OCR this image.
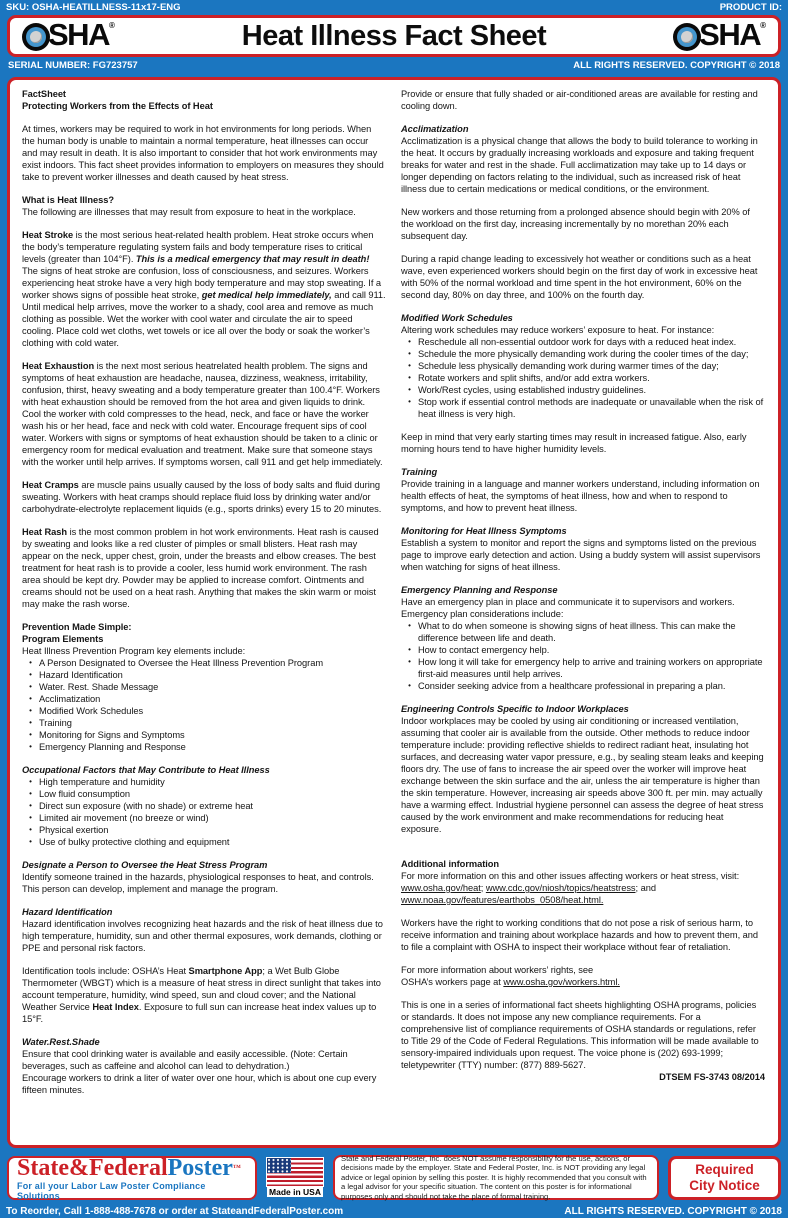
SKU: OSHA-HEATILLNESS-11x17-ENG	PRODUCT ID:
SHA ®	Heat Illness Fact Sheet	SHA ®
SERIAL NUMBER: FG723757	ALL RIGHTS RESERVED. COPYRIGHT © 2018
FactSheet
Protecting Workers from the Effects of Heat
At times, workers may be required to work in hot environments for long periods. When the human body is unable to maintain a normal temperature, heat illnesses can occur and may result in death. It is also important to consider that hot work environments may exist indoors. This fact sheet provides information to employers on measures they should take to prevent worker illnesses and death caused by heat stress.
What is Heat Illness?
The following are illnesses that may result from exposure to heat in the workplace.
Heat Stroke is the most serious heat-related health problem. Heat stroke occurs when the body’s temperature regulating system fails and body temperature rises to critical levels (greater than 104°F). This is a medical emergency that may result in death! The signs of heat stroke are confusion, loss of consciousness, and seizures. Workers experiencing heat stroke have a very high body temperature and may stop sweating. If a worker shows signs of possible heat stroke, get medical help immediately, and call 911. Until medical help arrives, move the worker to a shady, cool area and remove as much clothing as possible. Wet the worker with cool water and circulate the air to speed cooling. Place cold wet cloths, wet towels or ice all over the body or soak the worker’s clothing with cold water.
Heat Exhaustion is the next most serious heatrelated health problem. The signs and symptoms of heat exhaustion are headache, nausea, dizziness, weakness, irritability, confusion, thirst, heavy sweating and a body temperature greater than 100.4°F. Workers with heat exhaustion should be removed from the hot area and given liquids to drink. Cool the worker with cold compresses to the head, neck, and face or have the worker wash his or her head, face and neck with cold water. Encourage frequent sips of cool water. Workers with signs or symptoms of heat exhaustion should be taken to a clinic or emergency room for medical evaluation and treatment. Make sure that someone stays with the worker until help arrives. If symptoms worsen, call 911 and get help immediately.
Heat Cramps are muscle pains usually caused by the loss of body salts and fluid during sweating. Workers with heat cramps should replace fluid loss by drinking water and/or carbohydrate-electrolyte replacement liquids (e.g., sports drinks) every 15 to 20 minutes.
Heat Rash is the most common problem in hot work environments. Heat rash is caused by sweating and looks like a red cluster of pimples or small blisters. Heat rash may appear on the neck, upper chest, groin, under the breasts and elbow creases. The best treatment for heat rash is to provide a cooler, less humid work environment. The rash area should be kept dry. Powder may be applied to increase comfort. Ointments and creams should not be used on a heat rash. Anything that makes the skin warm or moist may make the rash worse.
Prevention Made Simple:
Program Elements
Heat Illness Prevention Program key elements include:
• A Person Designated to Oversee the Heat Illness Prevention Program
• Hazard Identification
• Water. Rest. Shade Message
• Acclimatization
• Modified Work Schedules
• Training
• Monitoring for Signs and Symptoms
• Emergency Planning and Response
Occupational Factors that May Contribute to Heat Illness
• High temperature and humidity
• Low fluid consumption
• Direct sun exposure (with no shade) or extreme heat
• Limited air movement (no breeze or wind)
• Physical exertion
• Use of bulky protective clothing and equipment
Designate a Person to Oversee the Heat Stress Program
Identify someone trained in the hazards, physiological responses to heat, and controls. This person can develop, implement and manage the program.
Hazard Identification
Hazard identification involves recognizing heat hazards and the risk of heat illness due to high temperature, humidity, sun and other thermal exposures, work demands, clothing or PPE and personal risk factors.
Identification tools include: OSHA’s Heat Smartphone App; a Wet Bulb Globe Thermometer (WBGT) which is a measure of heat stress in direct sunlight that takes into account temperature, humidity, wind speed, sun and cloud cover; and the National Weather Service Heat Index. Exposure to full sun can increase heat index values up to 15°F.
Water.Rest.Shade
Ensure that cool drinking water is available and easily accessible. (Note: Certain beverages, such as caffeine and alcohol can lead to dehydration.)
Encourage workers to drink a liter of water over one hour, which is about one cup every fifteen minutes.
Provide or ensure that fully shaded or air-conditioned areas are available for resting and cooling down.
Acclimatization
Acclimatization is a physical change that allows the body to build tolerance to working in the heat. It occurs by gradually increasing workloads and exposure and taking frequent breaks for water and rest in the shade. Full acclimatization may take up to 14 days or longer depending on factors relating to the individual, such as increased risk of heat illness due to certain medications or medical conditions, or the environment.
New workers and those returning from a prolonged absence should begin with 20% of the workload on the first day, increasing incrementally by no morethan 20% each subsequent day.
During a rapid change leading to excessively hot weather or conditions such as a heat wave, even experienced workers should begin on the first day of work in excessive heat with 50% of the normal workload and time spent in the hot environment, 60% on the second day, 80% on day three, and 100% on the fourth day.
Modified Work Schedules
Altering work schedules may reduce workers’ exposure to heat. For instance:
• Reschedule all non-essential outdoor work for days with a reduced heat index.
• Schedule the more physically demanding work during the cooler times of the day;
• Schedule less physically demanding work during warmer times of the day;
• Rotate workers and split shifts, and/or add extra workers.
• Work/Rest cycles, using established industry guidelines.
• Stop work if essential control methods are inadequate or unavailable when the risk of heat illness is very high.
Keep in mind that very early starting times may result in increased fatigue. Also, early morning hours tend to have higher humidity levels.
Training
Provide training in a language and manner workers understand, including information on health effects of heat, the symptoms of heat illness, how and when to respond to symptoms, and how to prevent heat illness.
Monitoring for Heat Illness Symptoms
Establish a system to monitor and report the signs and symptoms listed on the previous page to improve early detection and action. Using a buddy system will assist supervisors when watching for signs of heat illness.
Emergency Planning and Response
Have an emergency plan in place and communicate it to supervisors and workers. Emergency plan considerations include:
• What to do when someone is showing signs of heat illness. This can make the difference between life and death.
• How to contact emergency help.
• How long it will take for emergency help to arrive and training workers on appropriate first-aid measures until help arrives.
• Consider seeking advice from a healthcare professional in preparing a plan.
Engineering Controls Specific to Indoor Workplaces
Indoor workplaces may be cooled by using air conditioning or increased ventilation, assuming that cooler air is available from the outside. Other methods to reduce indoor temperature include: providing reflective shields to redirect radiant heat, insulating hot surfaces, and decreasing water vapor pressure, e.g., by sealing steam leaks and keeping floors dry. The use of fans to increase the air speed over the worker will improve heat exchange between the skin surface and the air, unless the air temperature is higher than the skin temperature. However, increasing air speeds above 300 ft. per min. may actually have a warming effect. Industrial hygiene personnel can assess the degree of heat stress caused by the work environment and make recommendations for reducing heat exposure.
Additional information
For more information on this and other issues affecting workers or heat stress, visit: www.osha.gov/heat; www.cdc.gov/niosh/topics/heatstress; and www.noaa.gov/features/earthobs_0508/heat.html.
Workers have the right to working conditions that do not pose a risk of serious harm, to receive information and training about workplace hazards and how to prevent them, and to file a complaint with OSHA to inspect their workplace without fear of retaliation.
For more information about workers’ rights, see
OSHA’s workers page at www.osha.gov/workers.html.
This is one in a series of informational fact sheets highlighting OSHA programs, policies or standards. It does not impose any new compliance requirements. For a comprehensive list of compliance requirements of OSHA standards or regulations, refer to Title 29 of the Code of Federal Regulations. This information will be made available to sensory-impaired individuals upon request. The voice phone is (202) 693-1999; teletypewriter (TTY) number: (877) 889-5627.
DTSEM FS-3743 08/2014
State&FederalPoster™
For all your Labor Law Poster Compliance Solutions	Made in USA
State and Federal Poster, Inc. does NOT assume responsibility for the use, actions, or decisions made by the employer. State and Federal Poster, Inc. is NOT providing any legal advice or legal opinion by selling this poster. It is highly recommended that you consult with a legal advisor for your specific situation. The content on this poster is for informational purposes only and should not take the place of formal training.
Required
City Notice
To Reorder, Call 1-888-488-7678 or order at StateandFederalPoster.com	ALL RIGHTS RESERVED. COPYRIGHT © 2018
